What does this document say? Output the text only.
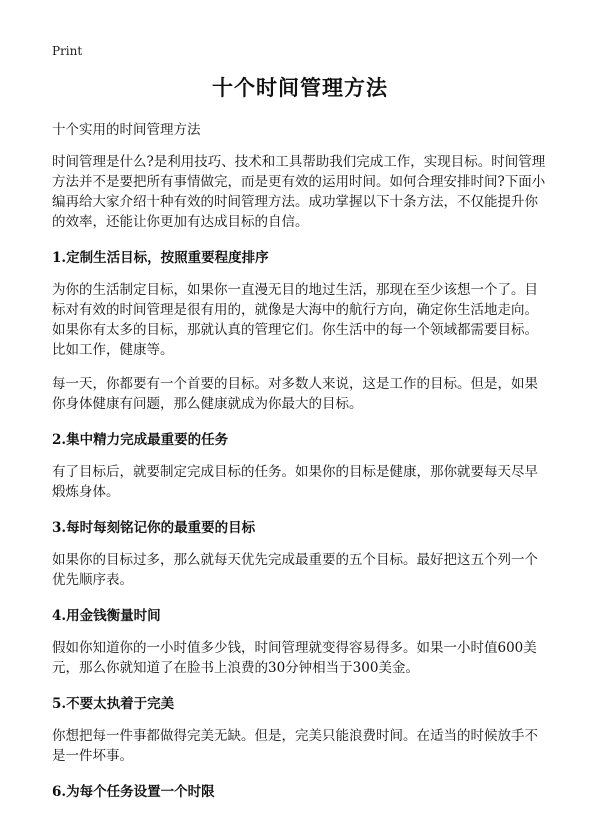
Print
十个时间管理方法
十个实用的时间管理方法

时间管理是什么?是利用技巧、技术和工具帮助我们完成工作，实现目标。时间管理方法并不是要把所有事情做完，而是更有效的运用时间。如何合理安排时间?下面小编再给大家介绍十种有效的时间管理方法。成功掌握以下十条方法，不仅能提升你的效率，还能让你更加有达成目标的自信。

1.定制生活目标，按照重要程度排序

为你的生活制定目标，如果你一直漫无目的地过生活，那现在至少该想一个了。目标对有效的时间管理是很有用的，就像是大海中的航行方向，确定你生活地走向。如果你有太多的目标，那就认真的管理它们。你生活中的每一个领域都需要目标。比如工作，健康等。

每一天，你都要有一个首要的目标。对多数人来说，这是工作的目标。但是，如果你身体健康有问题，那么健康就成为你最大的目标。

2.集中精力完成最重要的任务

有了目标后，就要制定完成目标的任务。如果你的目标是健康，那你就要每天尽早煅炼身体。

3.每时每刻铭记你的最重要的目标

如果你的目标过多，那么就每天优先完成最重要的五个目标。最好把这五个列一个优先顺序表。

4.用金钱衡量时间

假如你知道你的一小时值多少钱，时间管理就变得容易得多。如果一小时值600美元，那么你就知道了在脸书上浪费的30分钟相当于300美金。

5.不要太执着于完美

你想把每一件事都做得完美无缺。但是，完美只能浪费时间。在适当的时候放手不是一件坏事。

6.为每个任务设置一个时限
